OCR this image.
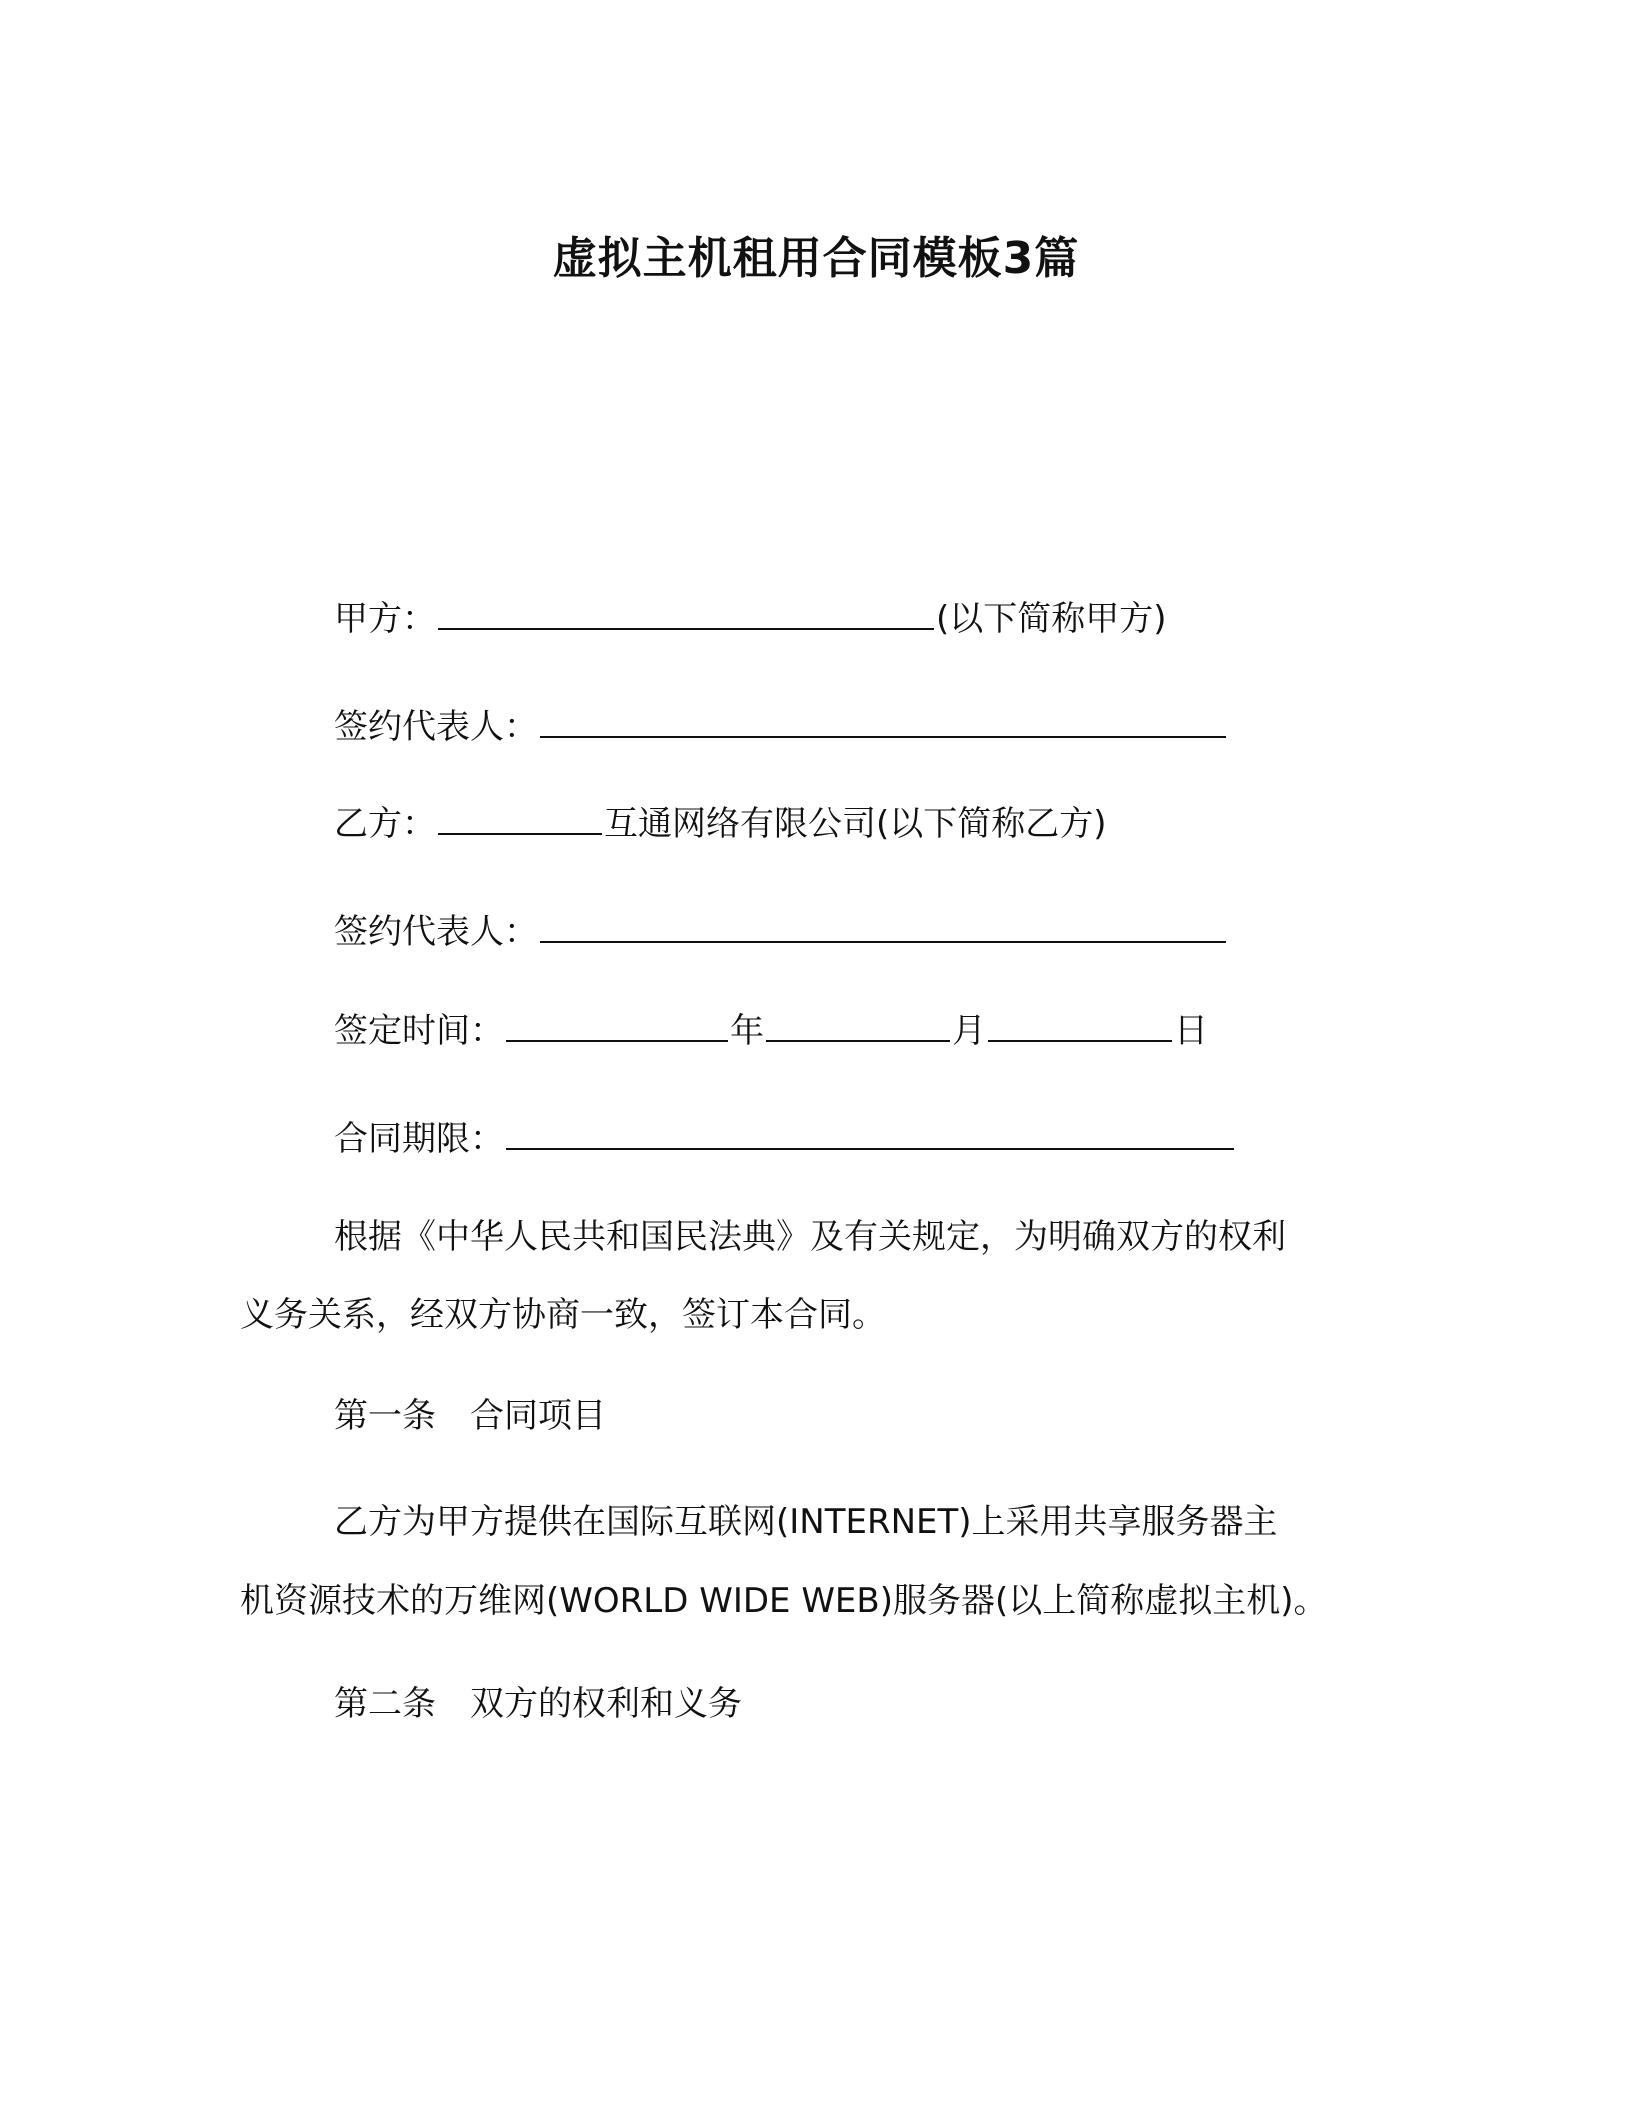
虚拟主机租用合同模板3篇
甲方：	(以下简称甲方)
签约代表人：
乙方：	互通网络有限公司(以下简称乙方)
签约代表人：
签定时间：	年	月	日
合同期限：
根据《中华人民共和国民法典》及有关规定，为明确双方的权利
义务关系，经双方协商一致，签订本合同。
第一条　合同项目
乙方为甲方提供在国际互联网(INTERNET)上采用共享服务器主
机资源技术的万维网(WORLD WIDE WEB)服务器(以上简称虚拟主机)。
第二条　双方的权利和义务
